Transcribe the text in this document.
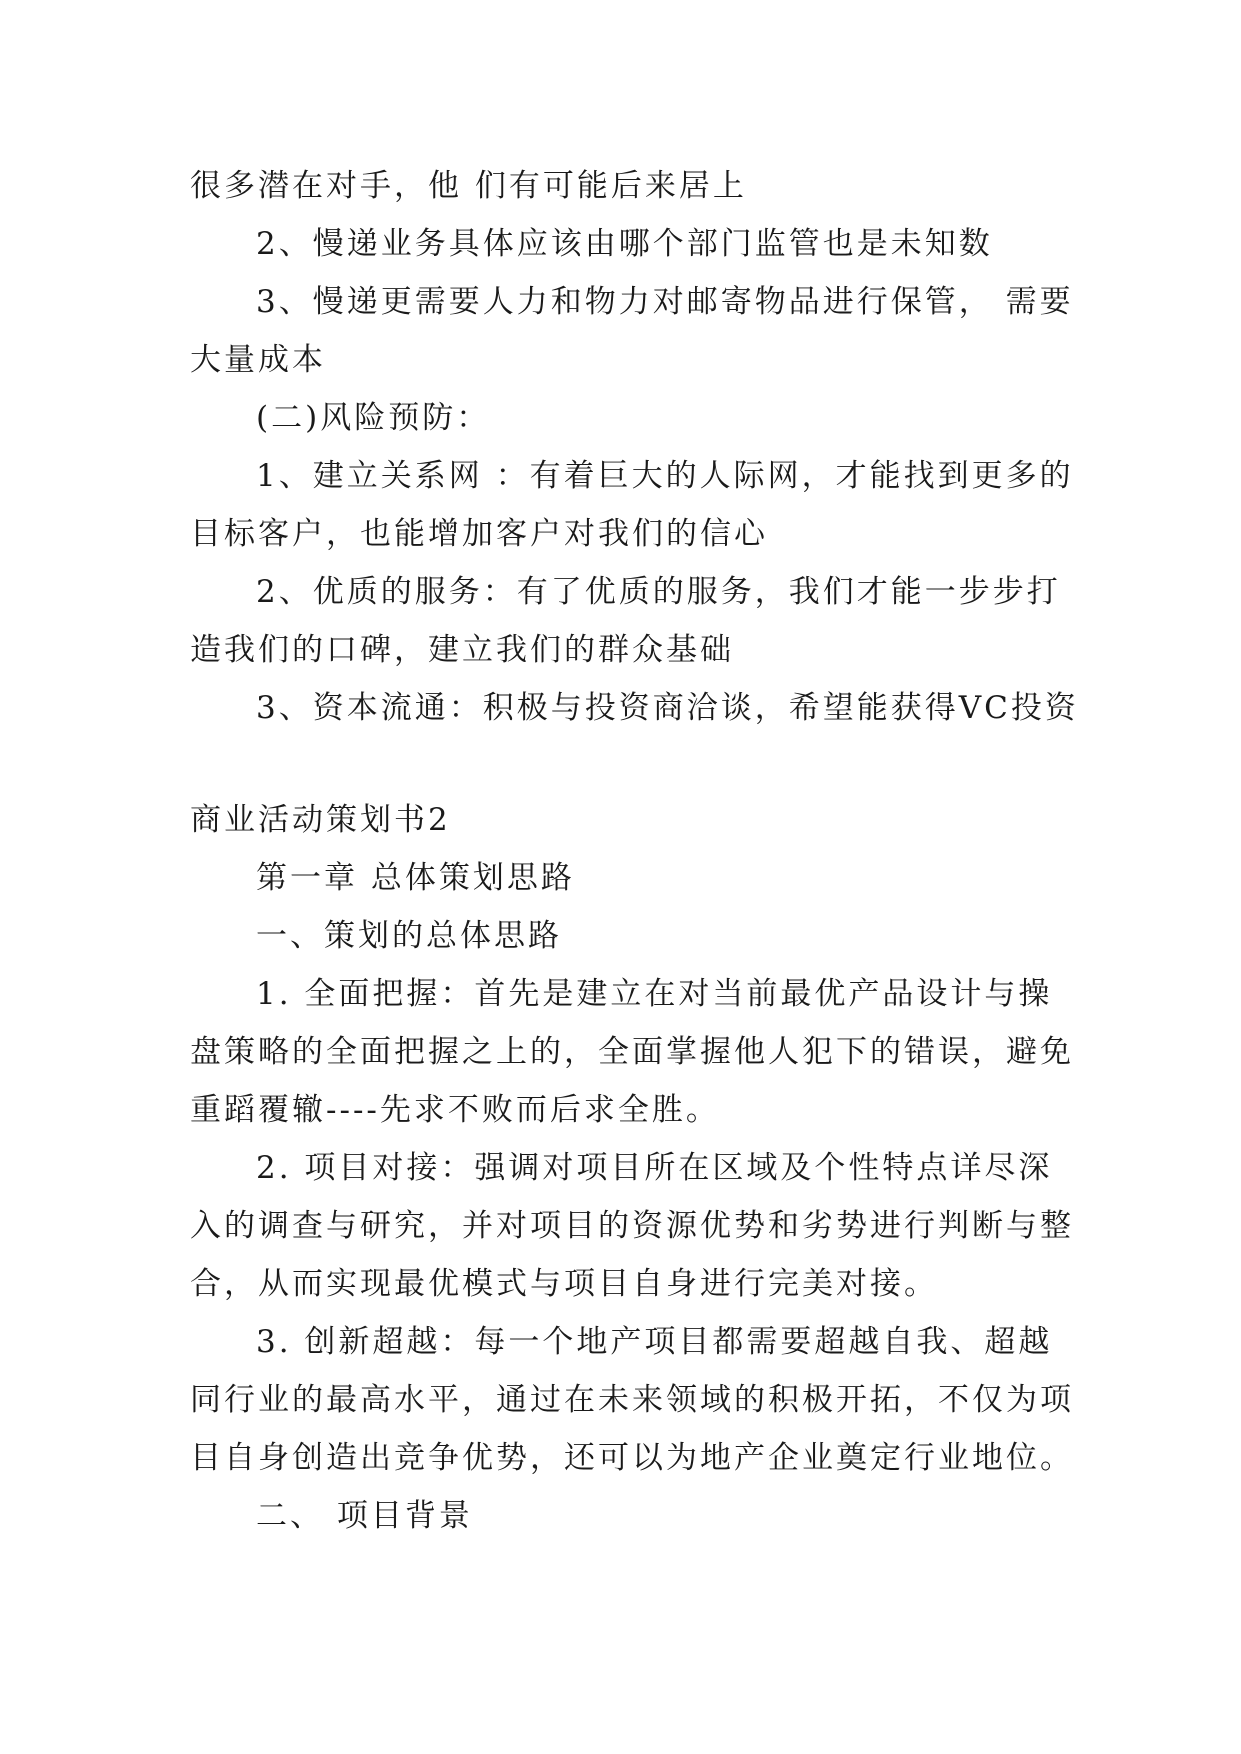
很多潜在对手，他 们有可能后来居上
2、慢递业务具体应该由哪个部门监管也是未知数
3、慢递更需要人力和物力对邮寄物品进行保管， 需要
大量成本
(二)风险预防：
1、建立关系网 ：有着巨大的人际网，才能找到更多的
目标客户，也能增加客户对我们的信心
2、优质的服务：有了优质的服务，我们才能一步步打
造我们的口碑，建立我们的群众基础
3、资本流通：积极与投资商洽谈，希望能获得VC投资
商业活动策划书2
第一章 总体策划思路
一、策划的总体思路
1. 全面把握：首先是建立在对当前最优产品设计与操
盘策略的全面把握之上的，全面掌握他人犯下的错误，避免
重蹈覆辙----先求不败而后求全胜。
2. 项目对接：强调对项目所在区域及个性特点详尽深
入的调查与研究，并对项目的资源优势和劣势进行判断与整
合，从而实现最优模式与项目自身进行完美对接。
3. 创新超越：每一个地产项目都需要超越自我、超越
同行业的最高水平，通过在未来领域的积极开拓，不仅为项
目自身创造出竞争优势，还可以为地产企业奠定行业地位。
二、 项目背景
